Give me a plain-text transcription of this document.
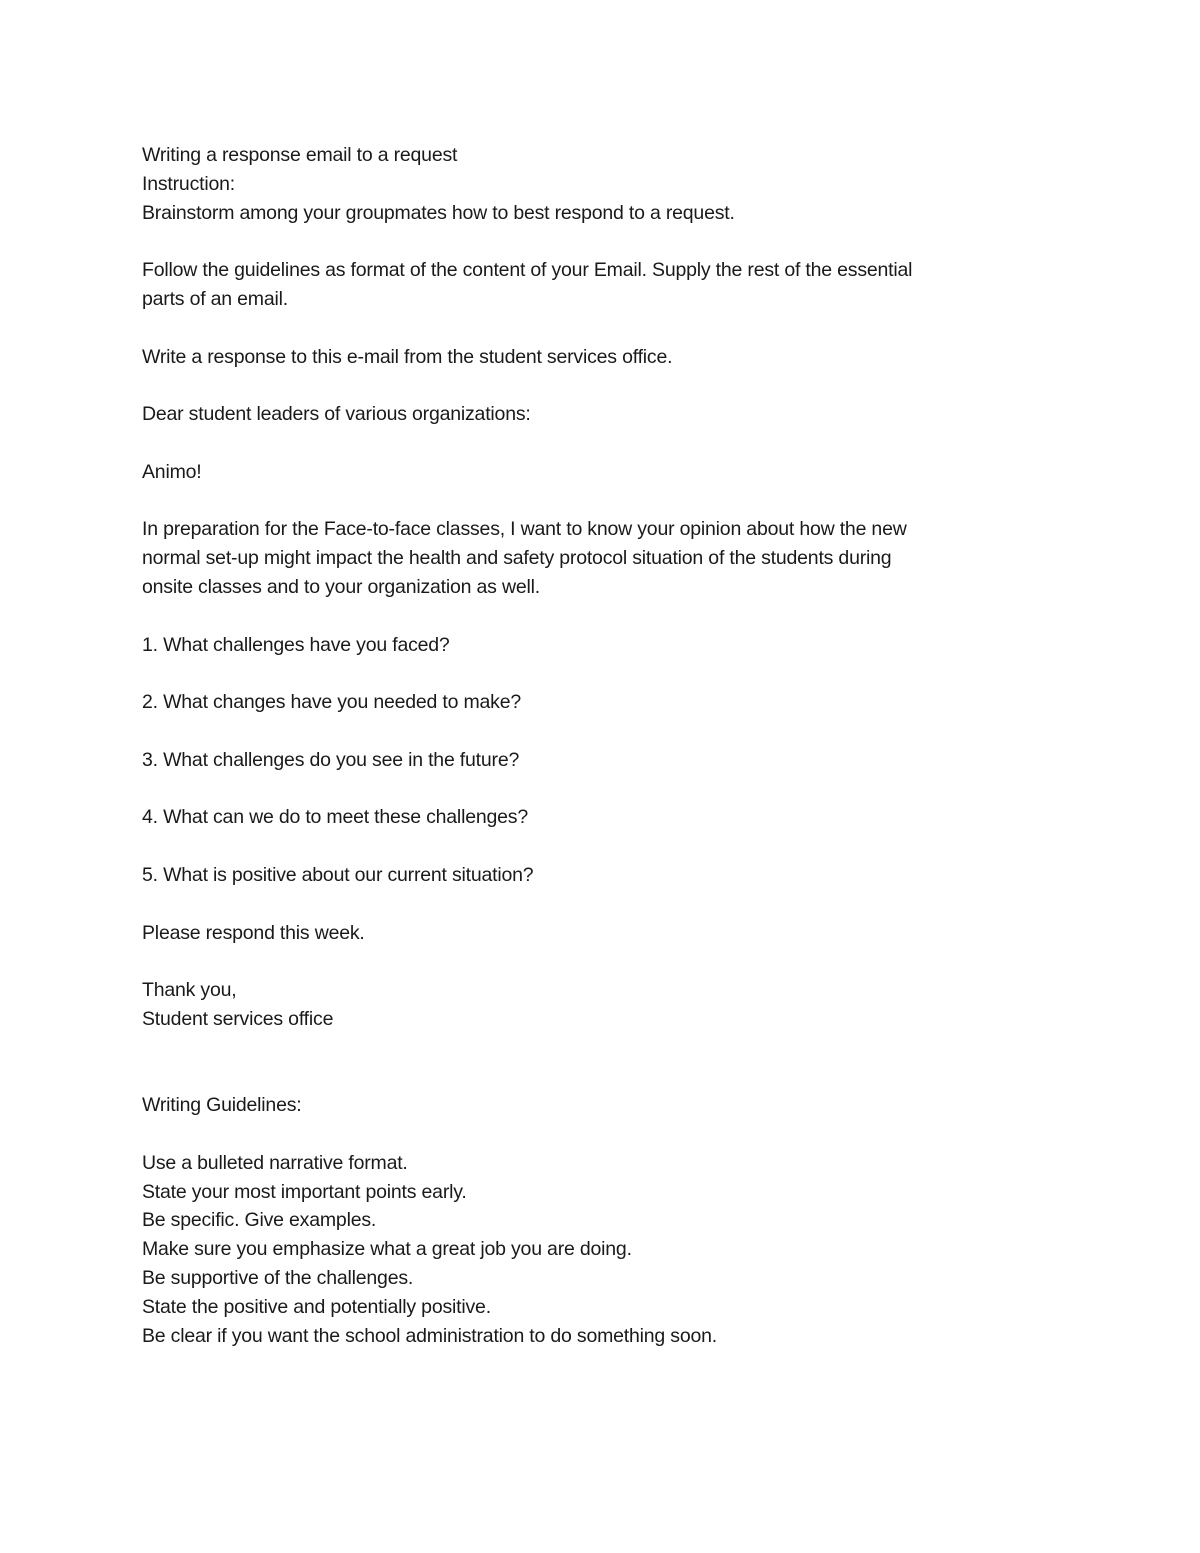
Writing a response email to a request
Instruction:
Brainstorm among your groupmates how to best respond to a request.
Follow the guidelines as format of the content of your Email. Supply the rest of the essential
parts of an email.
Write a response to this e-mail from the student services office.
Dear student leaders of various organizations:
Animo!
In preparation for the Face-to-face classes, I want to know your opinion about how the new
normal set-up might impact the health and safety protocol situation of the students during
onsite classes and to your organization as well.
1. What challenges have you faced?
2. What changes have you needed to make?
3. What challenges do you see in the future?
4. What can we do to meet these challenges?
5. What is positive about our current situation?
Please respond this week.
Thank you,
Student services office
Writing Guidelines:
Use a bulleted narrative format.
State your most important points early.
Be specific. Give examples.
Make sure you emphasize what a great job you are doing.
Be supportive of the challenges.
State the positive and potentially positive.
Be clear if you want the school administration to do something soon.
